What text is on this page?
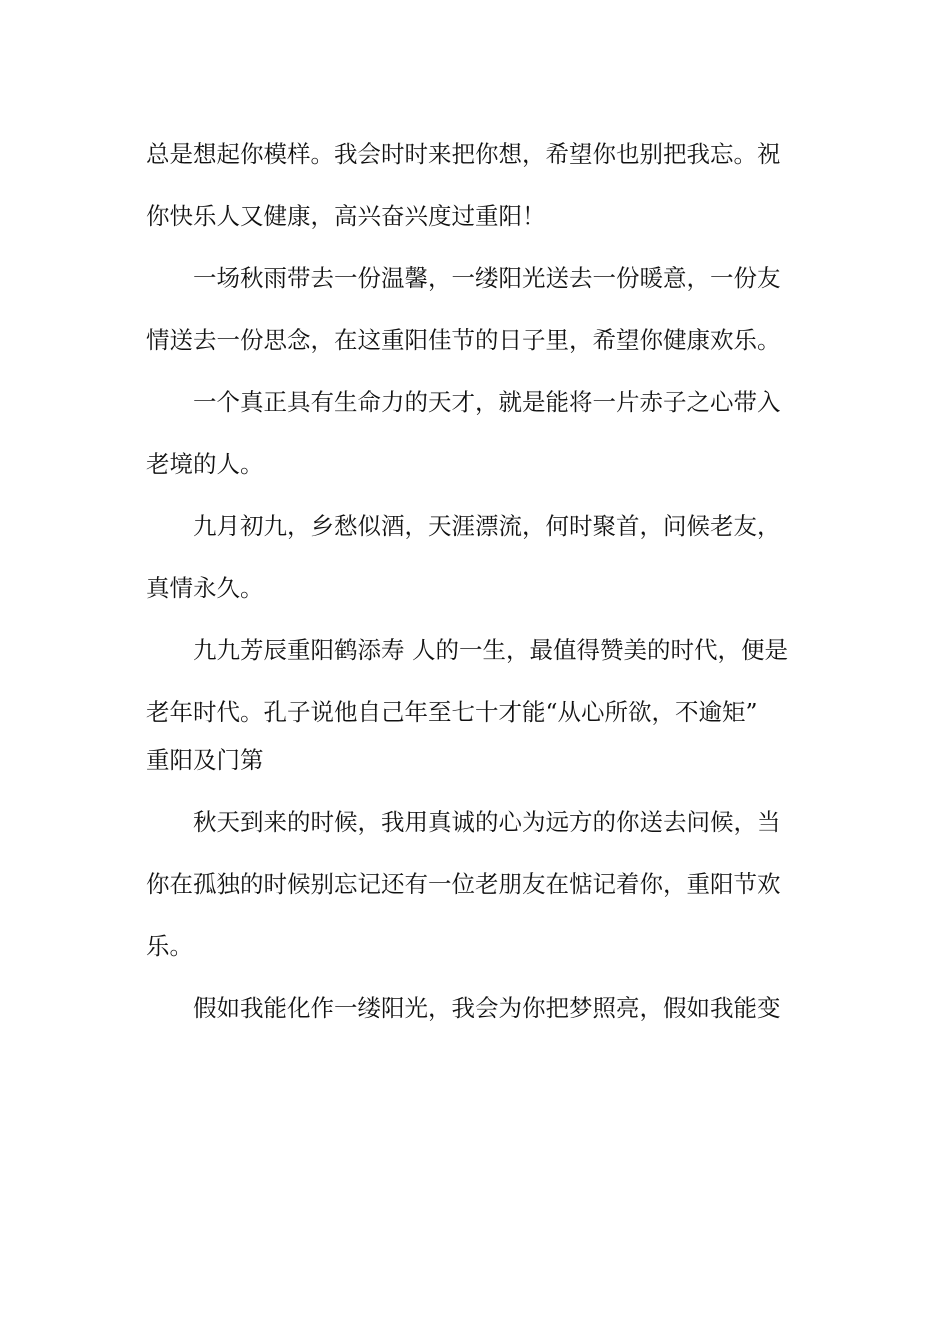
总是想起你模样。我会时时来把你想，希望你也别把我忘。祝
你快乐人又健康，高兴奋兴度过重阳！
一场秋雨带去一份温馨，一缕阳光送去一份暖意，一份友
情送去一份思念，在这重阳佳节的日子里，希望你健康欢乐。
一个真正具有生命力的天才，就是能将一片赤子之心带入
老境的人。
九月初九，乡愁似酒，天涯漂流，何时聚首，问候老友，
真情永久。
九九芳辰重阳鹤添寿 人的一生，最值得赞美的时代，便是
老年时代。孔子说他自己年至七十才能“从心所欲，不逾矩”
重阳及门第
秋天到来的时候，我用真诚的心为远方的你送去问候，当
你在孤独的时候别忘记还有一位老朋友在惦记着你，重阳节欢
乐。
假如我能化作一缕阳光，我会为你把梦照亮，假如我能变
